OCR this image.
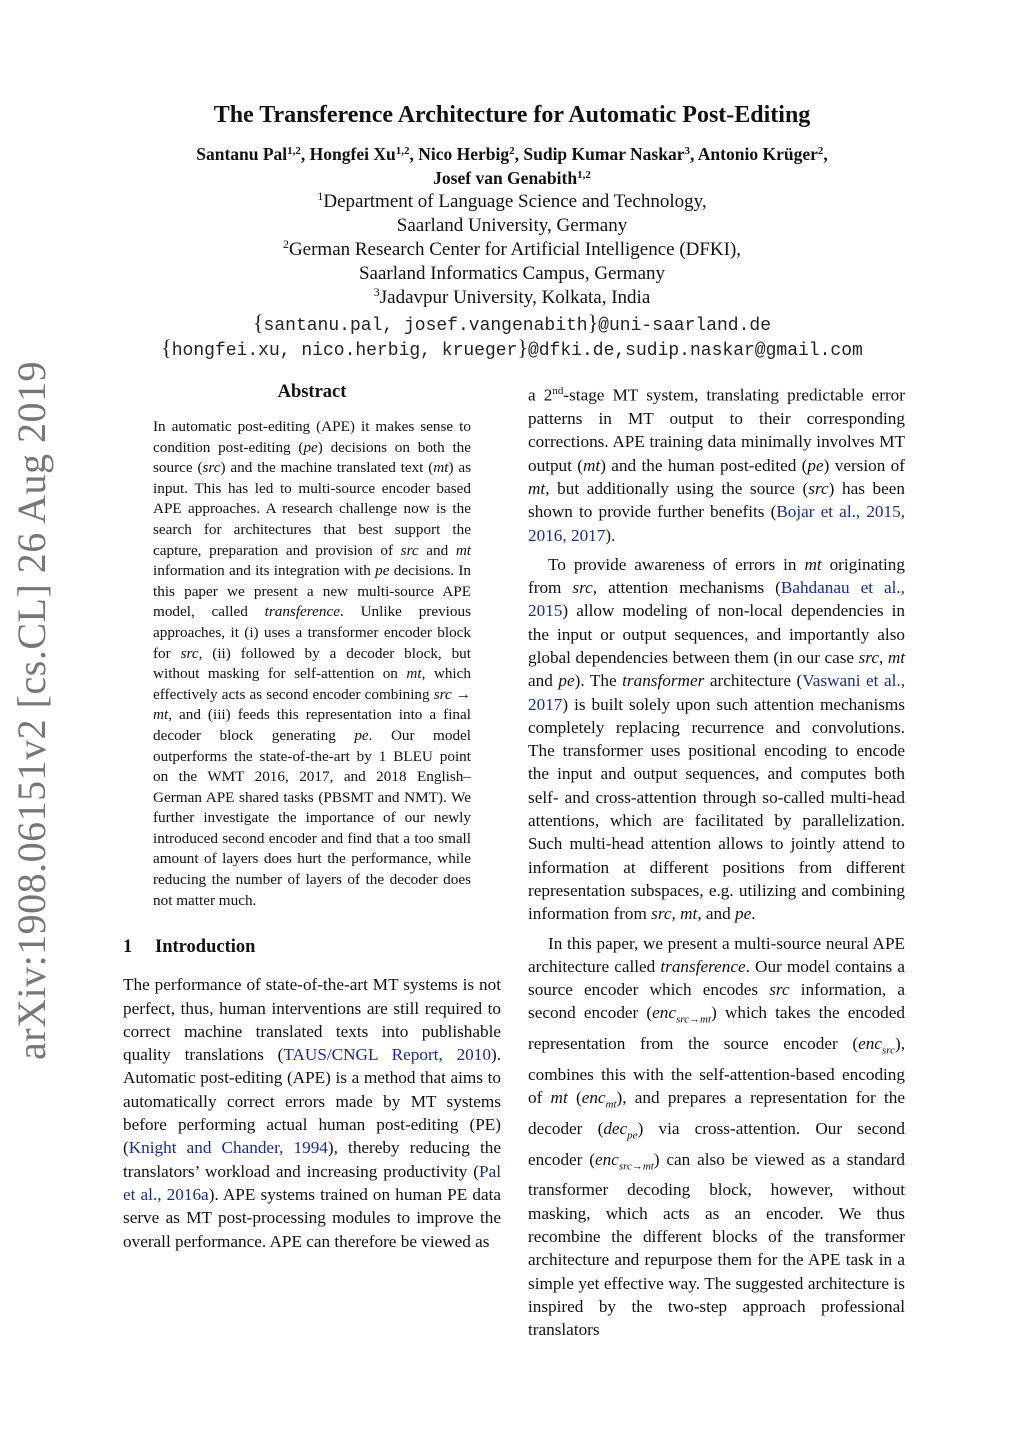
arXiv:1908.06151v2 [cs.CL] 26 Aug 2019
The Transference Architecture for Automatic Post-Editing
Santanu Pal$^{1,2}$, Hongfei Xu$^{1,2}$, Nico Herbig$^2$, Sudip Kumar Naskar$^3$, Antonio Krüger$^2$,
Josef van Genabith$^{1,2}$
$^1$Department of Language Science and Technology,
Saarland University, Germany
$^2$German Research Center for Artificial Intelligence (DFKI),
Saarland Informatics Campus, Germany
$^3$Jadavpur University, Kolkata, India
{santanu.pal, josef.vangenabith}@uni-saarland.de
{hongfei.xu, nico.herbig, krueger}@dfki.de,sudip.naskar@gmail.com
Abstract

In automatic post-editing (APE) it makes sense to condition post-editing (pe) decisions on both the source (src) and the machine translated text (mt) as input. This has led to multi-source encoder based APE approaches. A research challenge now is the search for architectures that best support the capture, preparation and provision of src and mt information and its integration with pe decisions. In this paper we present a new multi-source APE model, called transference. Unlike previous approaches, it (i) uses a transformer encoder block for src, (ii) followed by a decoder block, but without masking for self-attention on mt, which effectively acts as second encoder combining src → mt, and (iii) feeds this representation into a final decoder block generating pe. Our model outperforms the state-of-the-art by 1 BLEU point on the WMT 2016, 2017, and 2018 English–German APE shared tasks (PBSMT and NMT). We further investigate the importance of our newly introduced second encoder and find that a too small amount of layers does hurt the performance, while reducing the number of layers of the decoder does not matter much.

1 Introduction

The performance of state-of-the-art MT systems is not perfect, thus, human interventions are still required to correct machine translated texts into publishable quality translations (TAUS/CNGL Report, 2010). Automatic post-editing (APE) is a method that aims to automatically correct errors made by MT systems before performing actual human post-editing (PE) (Knight and Chander, 1994), thereby reducing the translators’ workload and increasing productivity (Pal et al., 2016a). APE systems trained on human PE data serve as MT post-processing modules to improve the overall performance. APE can therefore be viewed as

a 2nd-stage MT system, translating predictable error patterns in MT output to their corresponding corrections. APE training data minimally involves MT output (mt) and the human post-edited (pe) version of mt, but additionally using the source (src) has been shown to provide further benefits (Bojar et al., 2015, 2016, 2017).

To provide awareness of errors in mt originating from src, attention mechanisms (Bahdanau et al., 2015) allow modeling of non-local dependencies in the input or output sequences, and importantly also global dependencies between them (in our case src, mt and pe). The transformer architecture (Vaswani et al., 2017) is built solely upon such attention mechanisms completely replacing recurrence and convolutions. The transformer uses positional encoding to encode the input and output sequences, and computes both self- and cross-attention through so-called multi-head attentions, which are facilitated by parallelization. Such multi-head attention allows to jointly attend to information at different positions from different representation subspaces, e.g. utilizing and combining information from src, mt, and pe.

In this paper, we present a multi-source neural APE architecture called transference. Our model contains a source encoder which encodes src information, a second encoder (enc$_{src\to mt}$) which takes the encoded representation from the source encoder (enc$_{src}$), combines this with the self-attention-based encoding of mt (enc$_{mt}$), and prepares a representation for the decoder (dec$_{pe}$) via cross-attention. Our second encoder (enc$_{src\to mt}$) can also be viewed as a standard transformer decoding block, however, without masking, which acts as an encoder. We thus recombine the different blocks of the transformer architecture and repurpose them for the APE task in a simple yet effective way. The suggested architecture is inspired by the two-step approach professional translators
